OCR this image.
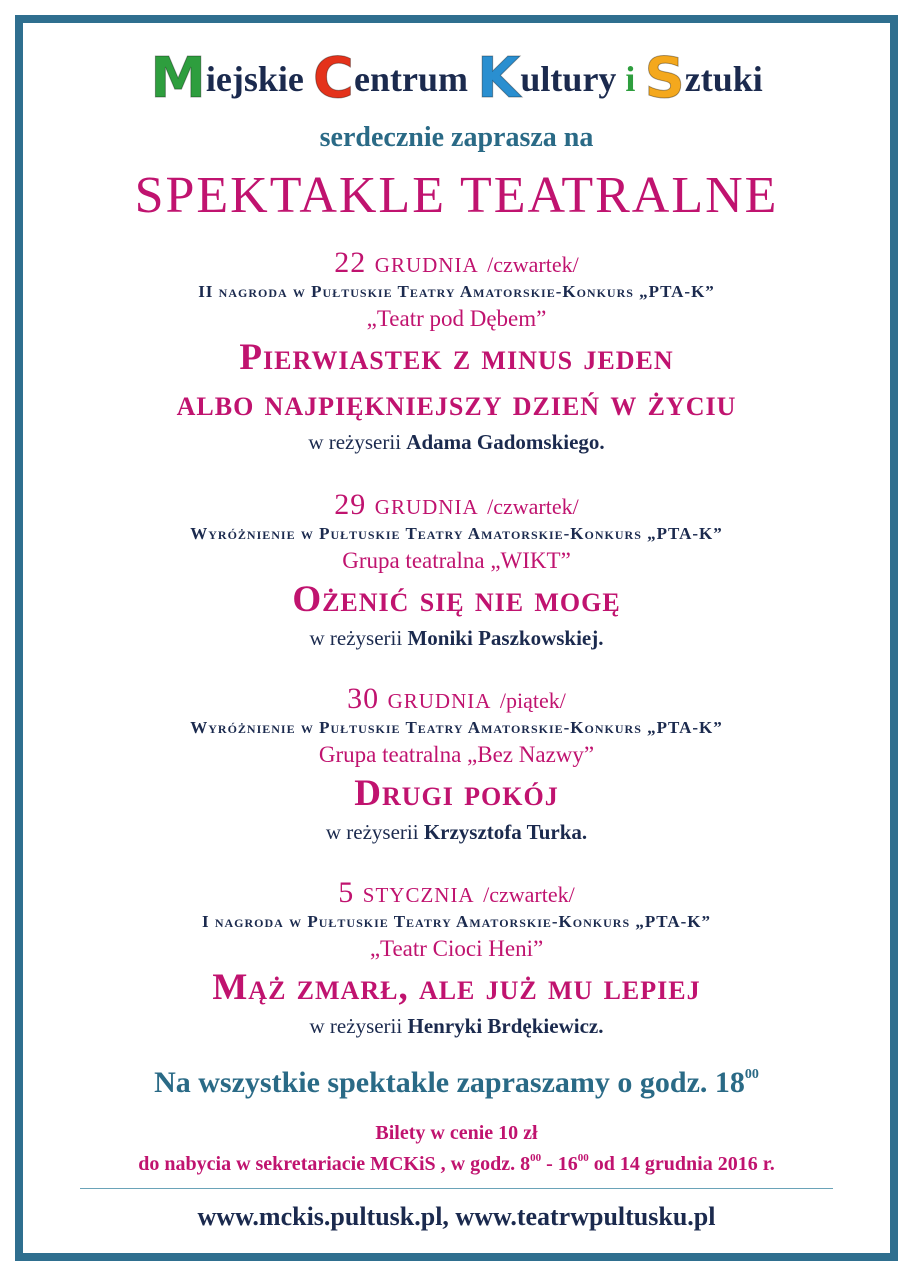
Miejskie Centrum Kultury i Sztuki
serdecznie zaprasza na
SPEKTAKLE TEATRALNE
22 grudnia /czwartek/
II nagroda w Pułtuskie Teatry Amatorskie-Konkurs „PTA-K”
„Teatr pod Dębem”
Pierwiastek z minus jeden
albo najpiękniejszy dzień w życiu
w reżyserii Adama Gadomskiego.
29 grudnia /czwartek/
Wyróżnienie w Pułtuskie Teatry Amatorskie-Konkurs „PTA-K”
Grupa teatralna „WIKT”
Ożenić się nie mogę
w reżyserii Moniki Paszkowskiej.
30 grudnia /piątek/
Wyróżnienie w Pułtuskie Teatry Amatorskie-Konkurs „PTA-K”
Grupa teatralna „Bez Nazwy”
Drugi pokój
w reżyserii Krzysztofa Turka.
5 stycznia /czwartek/
I nagroda w Pułtuskie Teatry Amatorskie-Konkurs „PTA-K”
„Teatr Cioci Heni”
Mąż zmarł, ale już mu lepiej
w reżyserii Henryki Brdękiewicz.
Na wszystkie spektakle zapraszamy o godz. $18^{00}$
Bilety w cenie 10 zł
do nabycia w sekretariacie MCKiS , w godz. $8^{00} - 16^{00}$ od 14 grudnia 2016 r.
www.mckis.pultusk.pl, www.teatrwpultusku.pl
